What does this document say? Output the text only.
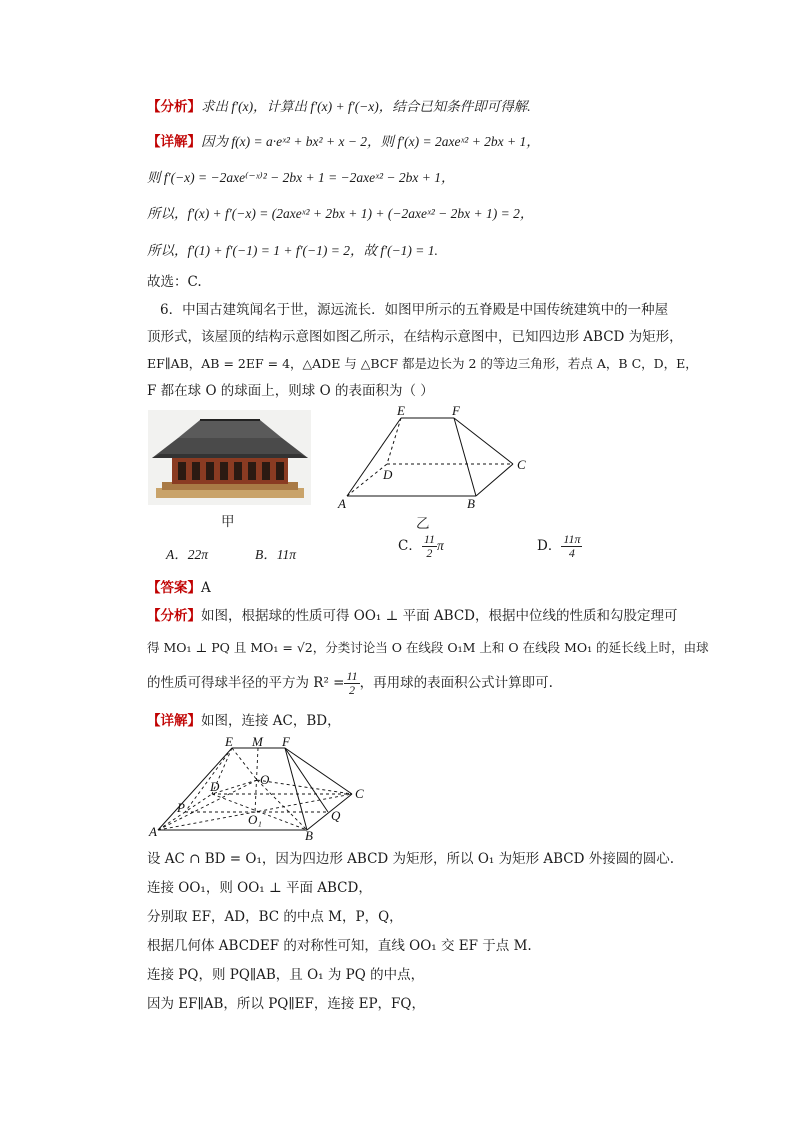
【分析】求出 f′(x)，计算出 f′(x) + f′(−x)，结合已知条件即可得解.
【详解】因为 f(x) = a·eˣ² + bx² + x − 2，则 f′(x) = 2axeˣ² + 2bx + 1，
则 f′(−x) = −2axe⁽⁻ˣ⁾² − 2bx + 1 = −2axeˣ² − 2bx + 1，
所以，f′(x) + f′(−x) = (2axeˣ² + 2bx + 1) + (−2axeˣ² − 2bx + 1) = 2，
所以，f′(1) + f′(−1) = 1 + f′(−1) = 2，故 f′(−1) = 1.
故选：C.
6．中国古建筑闻名于世，源远流长．如图甲所示的五脊殿是中国传统建筑中的一种屋
顶形式，该屋顶的结构示意图如图乙所示，在结构示意图中，已知四边形 ABCD 为矩形，
EF∥AB，AB = 2EF = 4，△ADE 与 △BCF 都是边长为 2 的等边三角形，若点 A，B C，D，E，
F 都在球 O 的球面上，则球 O 的表面积为（ ）
甲
E	F
C
D
A	B
乙
A．22π	B．11π
C． $\frac{11}{2}$ π	D． $\frac{11\pi}{4}$
【答案】A
【分析】如图，根据球的性质可得 OO₁ ⊥ 平面 ABCD，根据中位线的性质和勾股定理可
得 MO₁ ⊥ PQ 且 MO₁ = √2，分类讨论当 O 在线段 O₁M 上和 O 在线段 MO₁ 的延长线上时，由球
的性质可得球半径的平方为 $R^2 = \frac{11}{2}$ ，再用球的表面积公式计算即可.
【详解】如图，连接 AC，BD，
E M F
O
D	C
P
Q
A
O₁
B
设 AC ∩ BD = O₁，因为四边形 ABCD 为矩形，所以 O₁ 为矩形 ABCD 外接圆的圆心.
连接 OO₁，则 OO₁ ⊥ 平面 ABCD，
分别取 EF，AD，BC 的中点 M，P，Q，
根据几何体 ABCDEF 的对称性可知，直线 OO₁ 交 EF 于点 M.
连接 PQ，则 PQ∥AB，且 O₁ 为 PQ 的中点，
因为 EF∥AB，所以 PQ∥EF，连接 EP，FQ，
